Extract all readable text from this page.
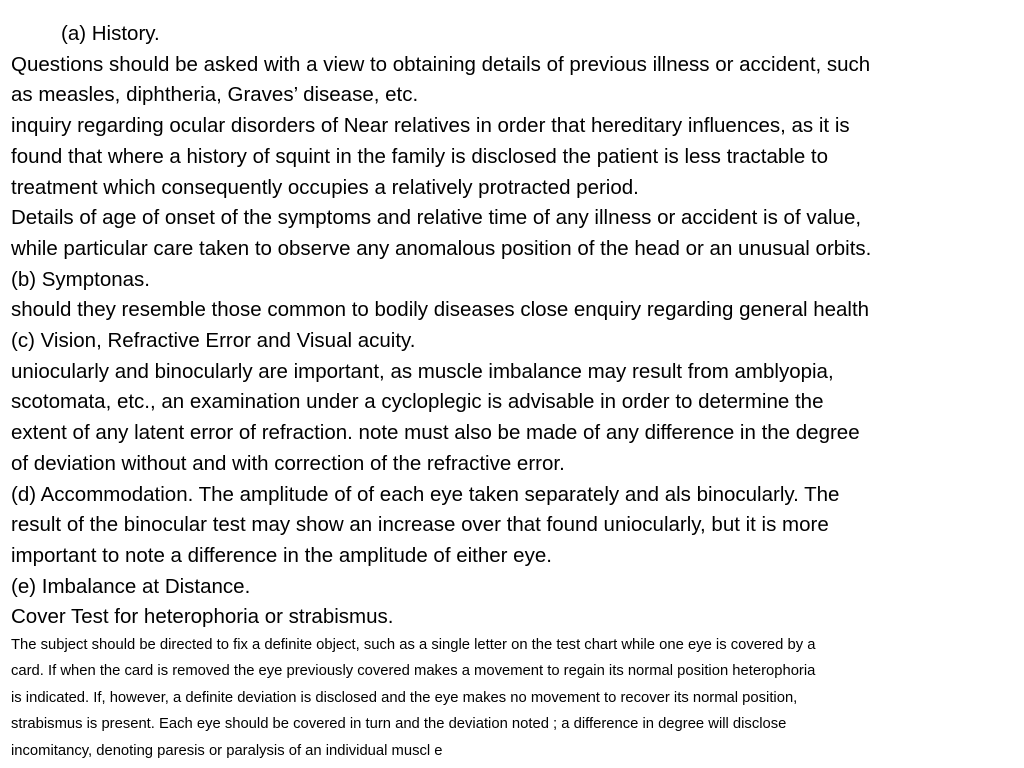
(a) History.

Questions should be asked with a view to obtaining details of previous illness or accident, such

as measles, diphtheria, Graves’ disease, etc.

inquiry regarding ocular disorders of Near relatives in order that hereditary influences, as it is

found that where a history of squint in the family is disclosed the patient is less tractable to

treatment which consequently occupies a relatively protracted period.

Details of age of onset of the symptoms and relative time of any illness or accident is of value,

while particular care taken to observe any anomalous position of the head or an unusual orbits.

(b) Symptonas.

should they resemble those common to bodily diseases close enquiry regarding general health

(c) Vision, Refractive Error and Visual acuity.

uniocularly and binocularly are important, as muscle imbalance may result from amblyopia,

scotomata, etc., an examination under a cycloplegic is advisable in order to determine the

extent of any latent error of refraction. note must also be made of any difference in the degree

of deviation without and with correction of the refractive error.

(d) Accommodation. The amplitude of of each eye taken separately and als binocularly. The

result of the binocular test may show an increase over that found uniocularly, but it is more

important to note a difference in the amplitude of either eye.

(e) Imbalance at Distance.

Cover Test for heterophoria or strabismus.

The subject should be directed to fix a definite object, such as a single letter on the test chart while one eye is covered by a

card. If when the card is removed the eye previously covered makes a movement to regain its normal position heterophoria

is indicated. If, however, a definite deviation is disclosed and the eye makes no movement to recover its normal position,

strabismus is present. Each eye should be covered in turn and the deviation noted ; a difference in degree will disclose

incomitancy, denoting paresis or paralysis of an individual muscl e
